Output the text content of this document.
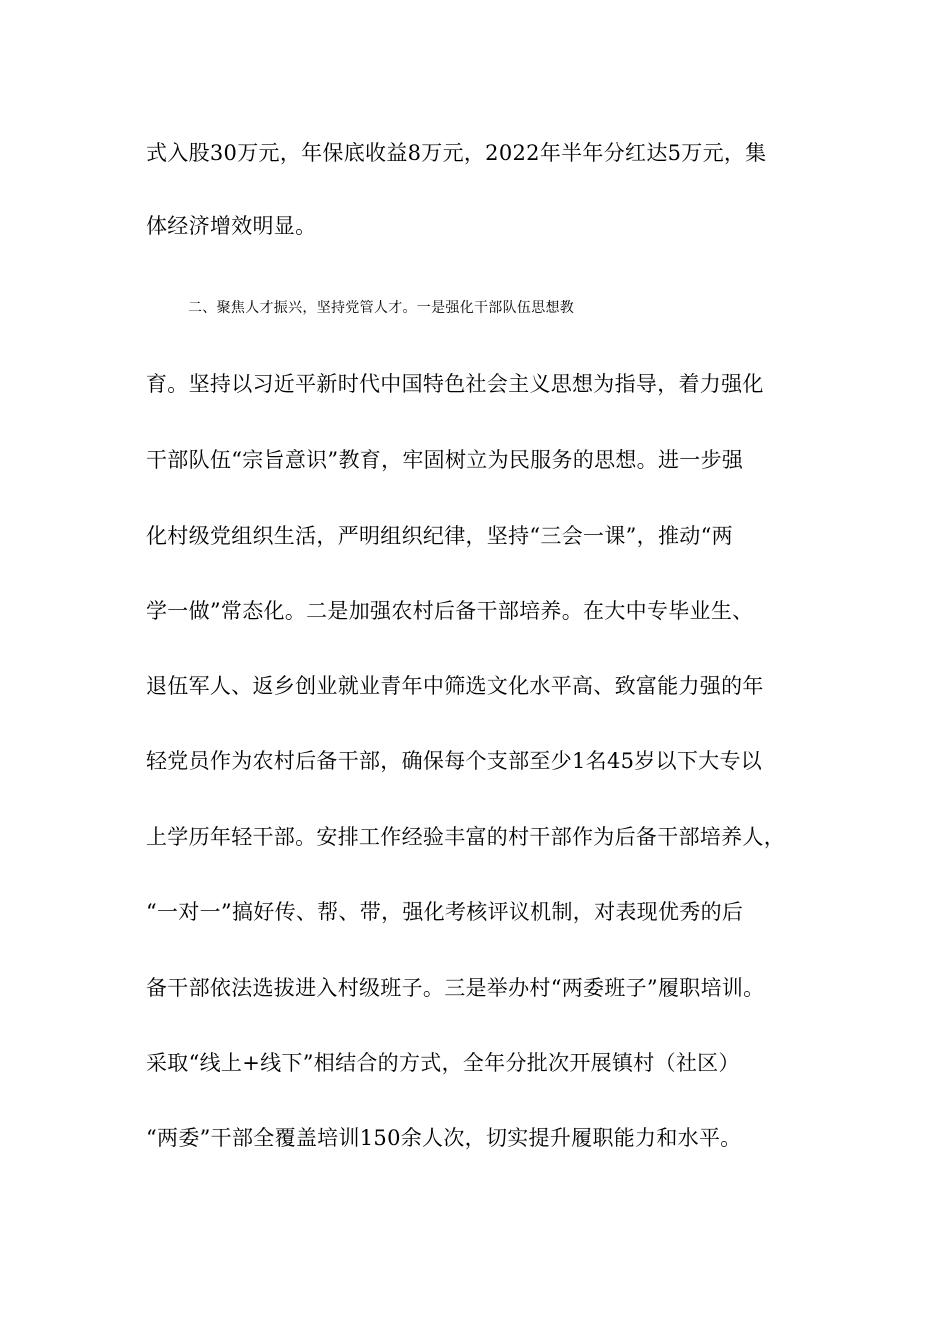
式入股30万元，年保底收益8万元，2022年半年分红达5万元，集
体经济增效明显。
二、聚焦人才振兴，坚持党管人才。一是强化干部队伍思想教
育。坚持以习近平新时代中国特色社会主义思想为指导，着力强化
干部队伍“宗旨意识”教育，牢固树立为民服务的思想。进一步强
化村级党组织生活，严明组织纪律，坚持“三会一课”，推动“两
学一做”常态化。二是加强农村后备干部培养。在大中专毕业生、
退伍军人、返乡创业就业青年中筛选文化水平高、致富能力强的年
轻党员作为农村后备干部，确保每个支部至少1名45岁以下大专以
上学历年轻干部。安排工作经验丰富的村干部作为后备干部培养人，
“一对一”搞好传、帮、带，强化考核评议机制，对表现优秀的后
备干部依法选拔进入村级班子。三是举办村“两委班子”履职培训。
采取“线上+线下”相结合的方式，全年分批次开展镇村（社区）
“两委”干部全覆盖培训150余人次，切实提升履职能力和水平。
